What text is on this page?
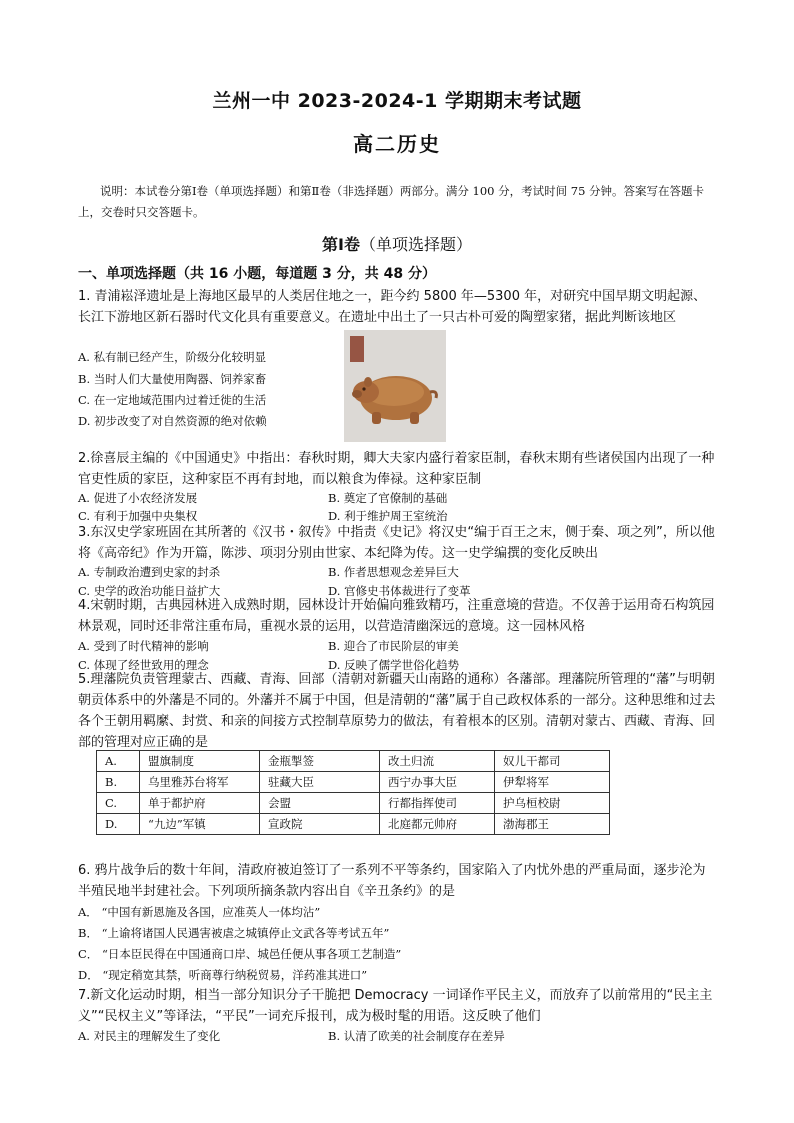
兰州一中 2023-2024-1 学期期末考试题
高二历史
说明：本试卷分第Ⅰ卷（单项选择题）和第Ⅱ卷（非选择题）两部分。满分 100 分，考试时间 75 分钟。答案写在答题卡上，交卷时只交答题卡。
第Ⅰ卷（单项选择题）
一、单项选择题（共 16 小题，每道题 3 分，共 48 分）
1. 青浦崧泽遗址是上海地区最早的人类居住地之一，距今约 5800 年—5300 年，对研究中国早期文明起源、长江下游地区新石器时代文化具有重要意义。在遗址中出土了一只古朴可爱的陶塑家猪，据此判断该地区
A. 私有制已经产生，阶级分化较明显
B. 当时人们大量使用陶器、饲养家畜
C. 在一定地域范围内过着迁徙的生活
D. 初步改变了对自然资源的绝对依赖
2.徐喜辰主编的《中国通史》中指出：春秋时期，卿大夫家内盛行着家臣制，春秋末期有些诸侯国内出现了一种官吏性质的家臣，这种家臣不再有封地，而以粮食为俸禄。这种家臣制
A. 促进了小农经济发展	B. 奠定了官僚制的基础
C. 有利于加强中央集权	D. 利于维护周王室统治
3.东汉史学家班固在其所著的《汉书・叙传》中指责《史记》将汉史“编于百王之末，侧于秦、项之列”，所以他将《高帝纪》作为开篇，陈涉、项羽分别由世家、本纪降为传。这一史学编撰的变化反映出
A. 专制政治遭到史家的封杀	B. 作者思想观念差异巨大
C. 史学的政治功能日益扩大	D. 官修史书体裁进行了变革
4.宋朝时期，古典园林进入成熟时期，园林设计开始偏向雅致精巧，注重意境的营造。不仅善于运用奇石构筑园林景观，同时还非常注重布局，重视水景的运用，以营造清幽深远的意境。这一园林风格
A. 受到了时代精神的影响	B. 迎合了市民阶层的审美
C. 体现了经世致用的理念	D. 反映了儒学世俗化趋势
5.理藩院负责管理蒙古、西藏、青海、回部（清朝对新疆天山南路的通称）各藩部。理藩院所管理的“藩”与明朝朝贡体系中的外藩是不同的。外藩并不属于中国，但是清朝的“藩”属于自己政权体系的一部分。这种思维和过去各个王朝用羁縻、封赏、和亲的间接方式控制草原势力的做法，有着根本的区别。清朝对蒙古、西藏、青海、回部的管理对应正确的是
A.	盟旗制度	金瓶掣签	改土归流	奴儿干都司
B.	乌里雅苏台将军	驻藏大臣	西宁办事大臣	伊犁将军
C.	单于都护府	会盟	行都指挥使司	护乌桓校尉
D.	“九边”军镇	宣政院	北庭都元帅府	渤海郡王
6. 鸦片战争后的数十年间，清政府被迫签订了一系列不平等条约，国家陷入了内忧外患的严重局面，逐步沦为半殖民地半封建社会。下列项所摘条款内容出自《辛丑条约》的是
A． “中国有新恩施及各国，应准英人一体均沾”
B． “上谕将诸国人民遇害被虐之城镇停止文武各等考试五年”
C． “日本臣民得在中国通商口岸、城邑任便从事各项工艺制造”
D． “现定稍宽其禁，听商尊行纳税贸易，洋药准其进口”
7.新文化运动时期，相当一部分知识分子干脆把 Democracy 一词译作平民主义，而放弃了以前常用的“民主主义”“民权主义”等译法，“平民”一词充斥报刊，成为极时髦的用语。这反映了他们
A. 对民主的理解发生了变化	B. 认清了欧美的社会制度存在差异
